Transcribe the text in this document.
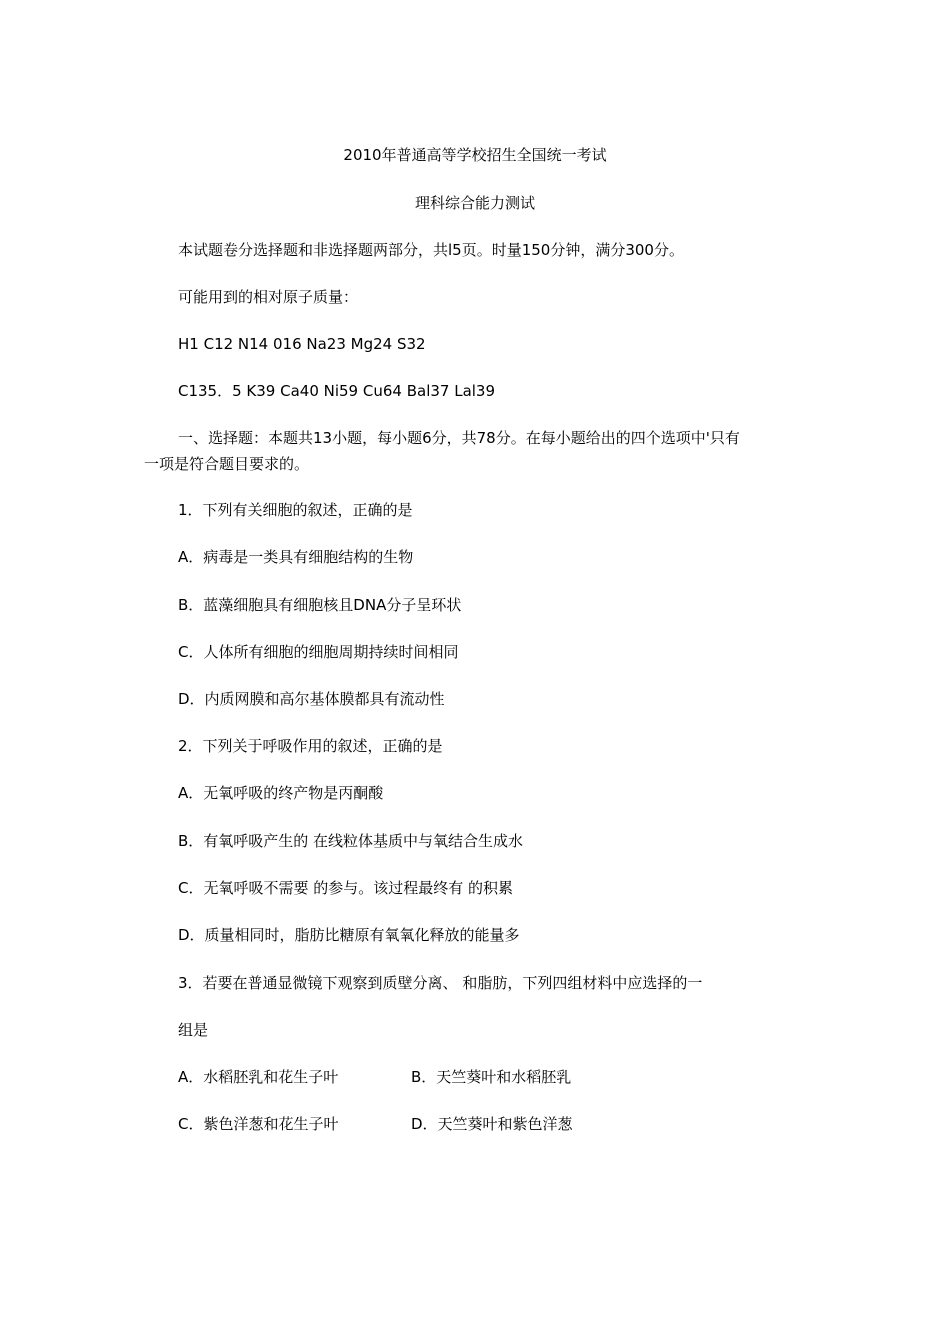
2010年普通高等学校招生全国统一考试
理科综合能力测试
本试题卷分选择题和非选择题两部分，共l5页。时量150分钟，满分300分。
可能用到的相对原子质量：
H1 C12 N14 016 Na23 Mg24 S32
C135．5 K39 Ca40 Ni59 Cu64 Bal37 Lal39
一、选择题：本题共13小题，每小题6分，共78分。在每小题给出的四个选项中'只有
一项是符合题目要求的。
1．下列有关细胞的叙述，正确的是
A．病毒是一类具有细胞结构的生物
B．蓝藻细胞具有细胞核且DNA分子呈环状
C．人体所有细胞的细胞周期持续时间相同
D．内质网膜和高尔基体膜都具有流动性
2．下列关于呼吸作用的叙述，正确的是
A．无氧呼吸的终产物是丙酮酸
B．有氧呼吸产生的 在线粒体基质中与氧结合生成水
C．无氧呼吸不需要 的参与。该过程最终有 的积累
D．质量相同时，脂肪比糖原有氧氧化释放的能量多
3．若要在普通显微镜下观察到质壁分离、 和脂肪，下列四组材料中应选择的一
组是
A．水稻胚乳和花生子叶	B．天竺葵叶和水稻胚乳
C．紫色洋葱和花生子叶	D．天竺葵叶和紫色洋葱
